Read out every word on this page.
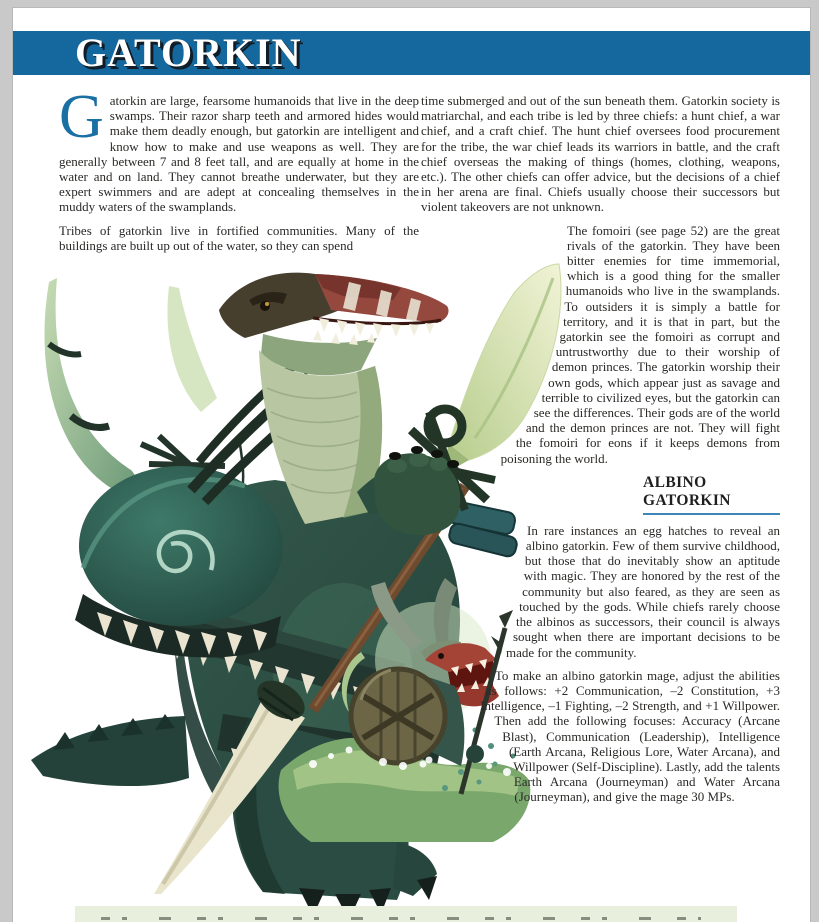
GATORKIN

Gatorkin are large, fearsome humanoids that live in the deep swamps. Their razor sharp teeth and armored hides would make them deadly enough, but gatorkin are intelligent and know how to make and use weapons as well. They are generally between 7 and 8 feet tall, and are equally at home in the water and on land. They cannot breathe underwater, but they are expert swimmers and are adept at concealing themselves in the muddy waters of the swamplands.

Tribes of gatorkin live in fortified communities. Many of the buildings are built up out of the water, so they can spend

time submerged and out of the sun beneath them. Gatorkin society is matriarchal, and each tribe is led by three chiefs: a hunt chief, a war chief, and a craft chief. The hunt chief oversees food procurement for the tribe, the war chief leads its warriors in battle, and the craft chief overseas the making of things (homes, clothing, weapons, etc.). The other chiefs can offer advice, but the decisions of a chief in her arena are final. Chiefs usually choose their successors but violent takeovers are not unknown.

The fomoiri (see page 52) are the great rivals of the gatorkin. They have been bitter enemies for time immemorial, which is a good thing for the smaller humanoids who live in the swamplands. To outsiders it is simply a battle for territory, and it is that in part, but the gatorkin see the fomoiri as corrupt and untrustworthy due to their worship of demon princes. The gatorkin worship their own gods, which appear just as savage and terrible to civilized eyes, but the gatorkin can see the differences. Their gods are of the world and the demon princes are not. They will fight the fomoiri for eons if it keeps demons from poisoning the world.

ALBINO GATORKIN

In rare instances an egg hatches to reveal an albino gatorkin. Few of them survive childhood, but those that do inevitably show an aptitude with magic. They are honored by the rest of the community but also feared, as they are seen as touched by the gods. While chiefs rarely choose the albinos as successors, their council is always sought when there are important decisions to be made for the community.

To make an albino gatorkin mage, adjust the abilities as follows: +2 Communication, –2 Constitution, +3 Intelligence, –1 Fighting, –2 Strength, and +1 Willpower. Then add the following focuses: Accuracy (Arcane Blast), Communication (Leadership), Intelligence (Earth Arcana, Religious Lore, Water Arcana), and Willpower (Self-Discipline). Lastly, add the talents Earth Arcana (Journeyman) and Water Arcana (Journeyman), and give the mage 30 MPs.
